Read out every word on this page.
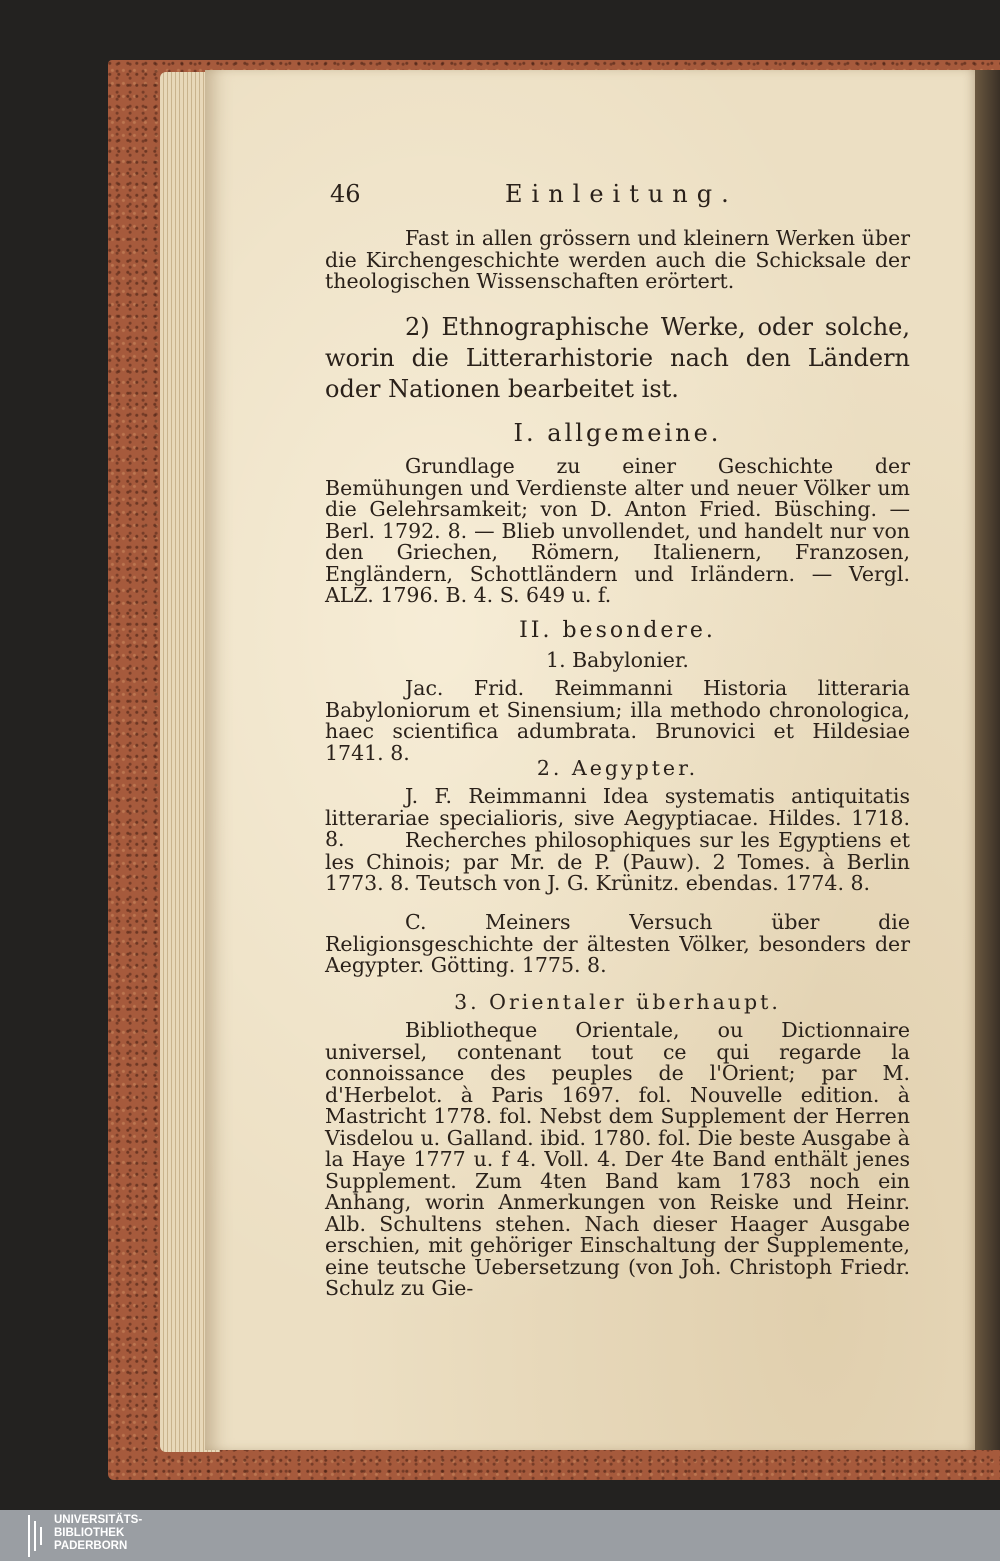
46	Einleitung.
Fast in allen grössern und kleinern Werken über die Kirchengeschichte werden auch die Schicksale der theologischen Wissenschaften erörtert.
2) Ethnographische Werke, oder solche, worin die Litterarhistorie nach den Ländern oder Nationen bearbeitet ist.
I. allgemeine.
Grundlage zu einer Geschichte der Bemühungen und Verdienste alter und neuer Völker um die Gelehrsamkeit; von D. Anton Fried. Büsching. — Berl. 1792. 8. — Blieb unvollendet, und handelt nur von den Griechen, Römern, Italienern, Franzosen, Engländern, Schottländern und Irländern. — Vergl. ALZ. 1796. B. 4. S. 649 u. f.
II. besondere.
1. Babylonier.
Jac. Frid. Reimmanni Historia litteraria Babyloniorum et Sinensium; illa methodo chronologica, haec scientifica adumbrata. Brunovici et Hildesiae 1741. 8.
2. Aegypter.
J. F. Reimmanni Idea systematis antiquitatis litterariae specialioris, sive Aegyptiacae. Hildes. 1718. 8.	Recherches philosophiques sur les Egyptiens et les Chinois; par Mr. de P. (Pauw). 2 Tomes. à Berlin 1773. 8. Teutsch von J. G. Krünitz. ebendas. 1774. 8.
C. Meiners Versuch über die Religionsgeschichte der ältesten Völker, besonders der Aegypter. Götting. 1775. 8.
3. Orientaler überhaupt.
Bibliotheque Orientale, ou Dictionnaire universel, contenant tout ce qui regarde la connoissance des peuples de l'Orient; par M. d'Herbelot. à Paris 1697. fol. Nouvelle edition. à Mastricht 1778. fol. Nebst dem Supplement der Herren Visdelou u. Galland. ibid. 1780. fol. Die beste Ausgabe à la Haye 1777 u. f 4. Voll. 4. Der 4te Band enthält jenes Supplement. Zum 4ten Band kam 1783 noch ein Anhang, worin Anmerkungen von Reiske und Heinr. Alb. Schultens stehen. Nach dieser Haager Ausgabe erschien, mit gehöriger Einschaltung der Supplemente, eine teutsche Uebersetzung (von Joh. Christoph Friedr. Schulz zu Gie-
UNIVERSITÄTS-
BIBLIOTHEK
PADERBORN
